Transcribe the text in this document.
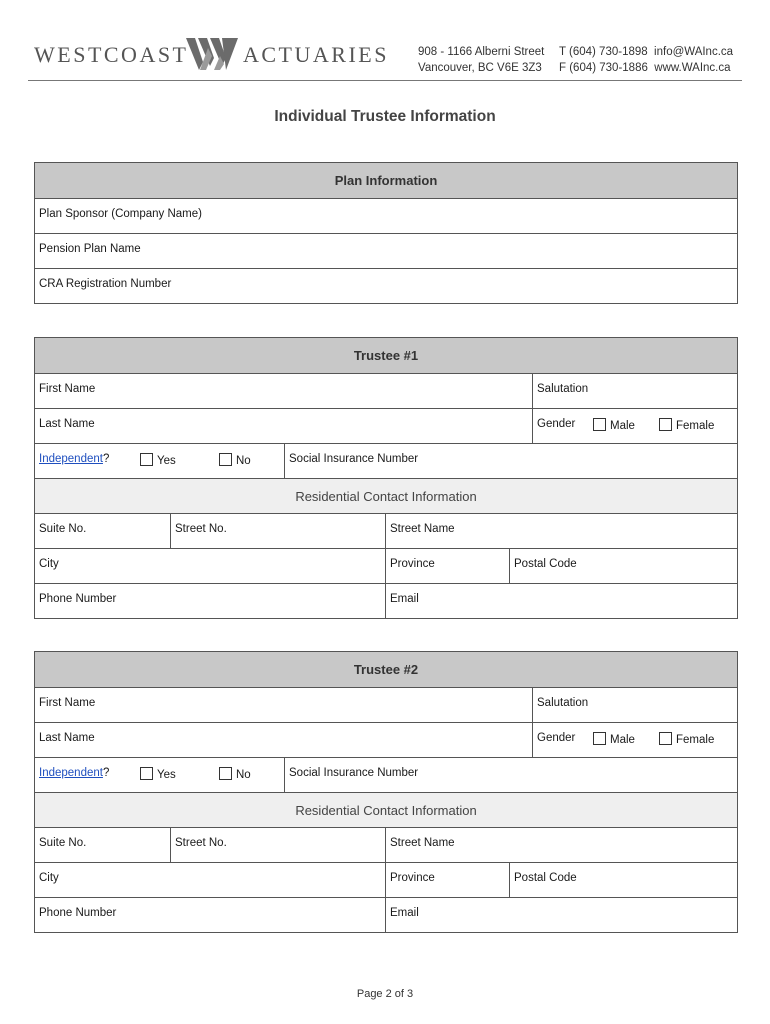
WESTCOAST ACTUARIES	908 - 1166 Alberni Street
Vancouver, BC V6E 3Z3
T (604) 730-1898 info@WAInc.ca
F (604) 730-1886 www.WAInc.ca
Individual Trustee Information
Plan Information
Plan Sponsor (Company Name)
Pension Plan Name
CRA Registration Number
Trustee #1
First Name	Salutation
Last Name	Gender	Male	Female
Independent?	Yes	No	Social Insurance Number
Residential Contact Information
Suite No.	Street No.	Street Name
City	Province	Postal Code
Phone Number	Email
Trustee #2
First Name	Salutation
Last Name	Gender	Male	Female
Independent?	Yes	No	Social Insurance Number
Residential Contact Information
Suite No.	Street No.	Street Name
City	Province	Postal Code
Phone Number	Email
Page 2 of 3
